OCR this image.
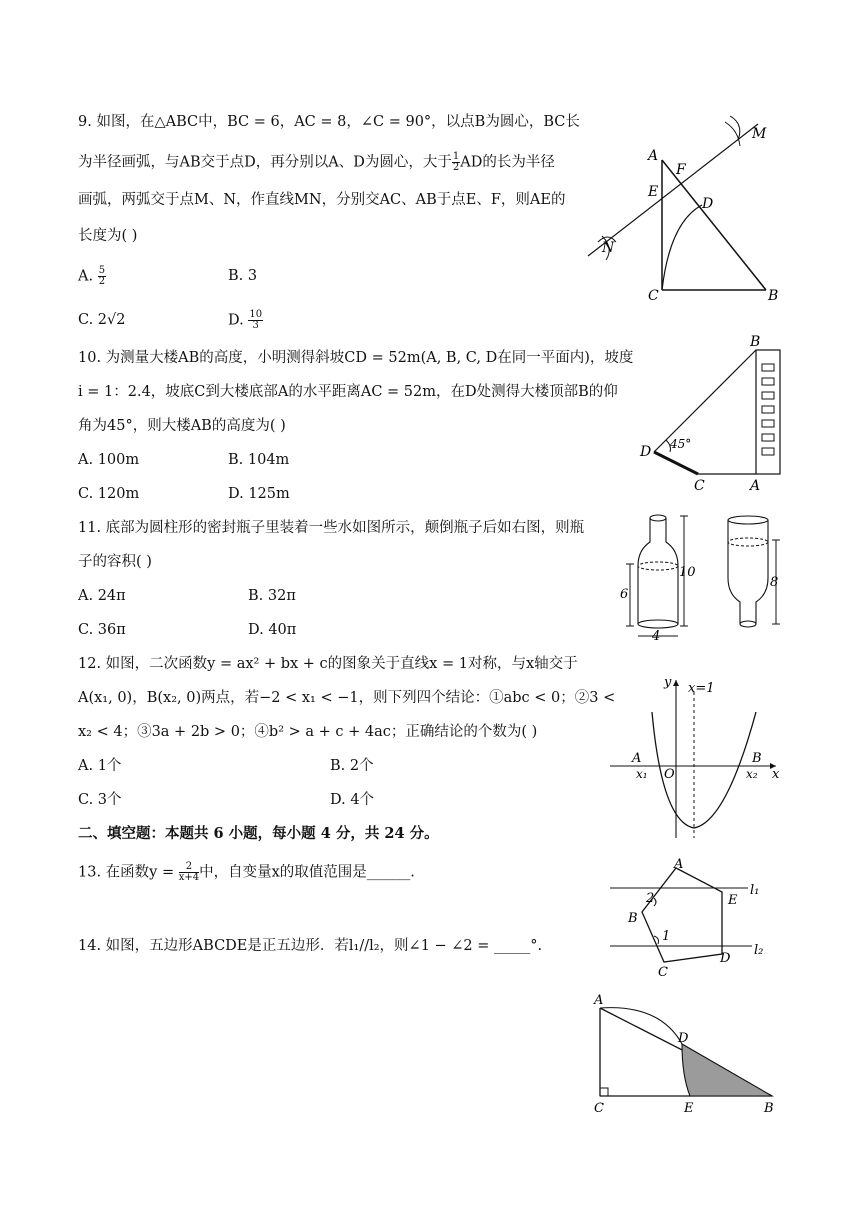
9. 如图，在△ABC中，BC = 6，AC = 8，∠C = 90°，以点B为圆心，BC长
为半径画弧，与AB交于点D，再分别以A、D为圆心，大于 $\frac{1}{2}$ AD的长为半径
画弧，两弧交于点M、N，作直线MN，分别交AC、AB于点E、F，则AE的
长度为( )
A. $\frac{5}{2}$	B. 3
C. 2√2	D. $\frac{10}{3}$
A
F
M
E
D
N
C	B
10. 为测量大楼AB的高度，小明测得斜坡CD = 52m(A, B, C, D在同一平面内)，坡度
i = 1：2.4，坡底C到大楼底部A的水平距离AC = 52m，在D处测得大楼顶部B的仰
角为45°，则大楼AB的高度为( )
A. 100m	B. 104m
C. 120m	D. 125m
B
D 45°
C	A
11. 底部为圆柱形的密封瓶子里装着一些水如图所示，颠倒瓶子后如右图，则瓶
子的容积( )
A. 24π	B. 32π
C. 36π	D. 40π
10
6
4
8
12. 如图，二次函数y = ax² + bx + c的图象关于直线x = 1对称，与x轴交于
A(x₁, 0)，B(x₂, 0)两点，若−2 < x₁ < −1，则下列四个结论：①abc < 0；②3 <
x₂ < 4；③3a + 2b > 0；④b² > a + c + 4ac；正确结论的个数为( )
A. 1个	B. 2个
C. 3个	D. 4个
y x=1
A	B
x₁ O	x₂ x
二、填空题：本题共 6 小题，每小题 4 分，共 24 分。
13. 在函数$y = \frac{2}{x+4}$ 中，自变量x的取值范围是______.
14. 如图，五边形ABCDE是正五边形．若l₁//l₂，则∠1 − ∠2 = _____°.
A
2	E
l₁
B
1
l₂
C
D
A
D
C	E	B
